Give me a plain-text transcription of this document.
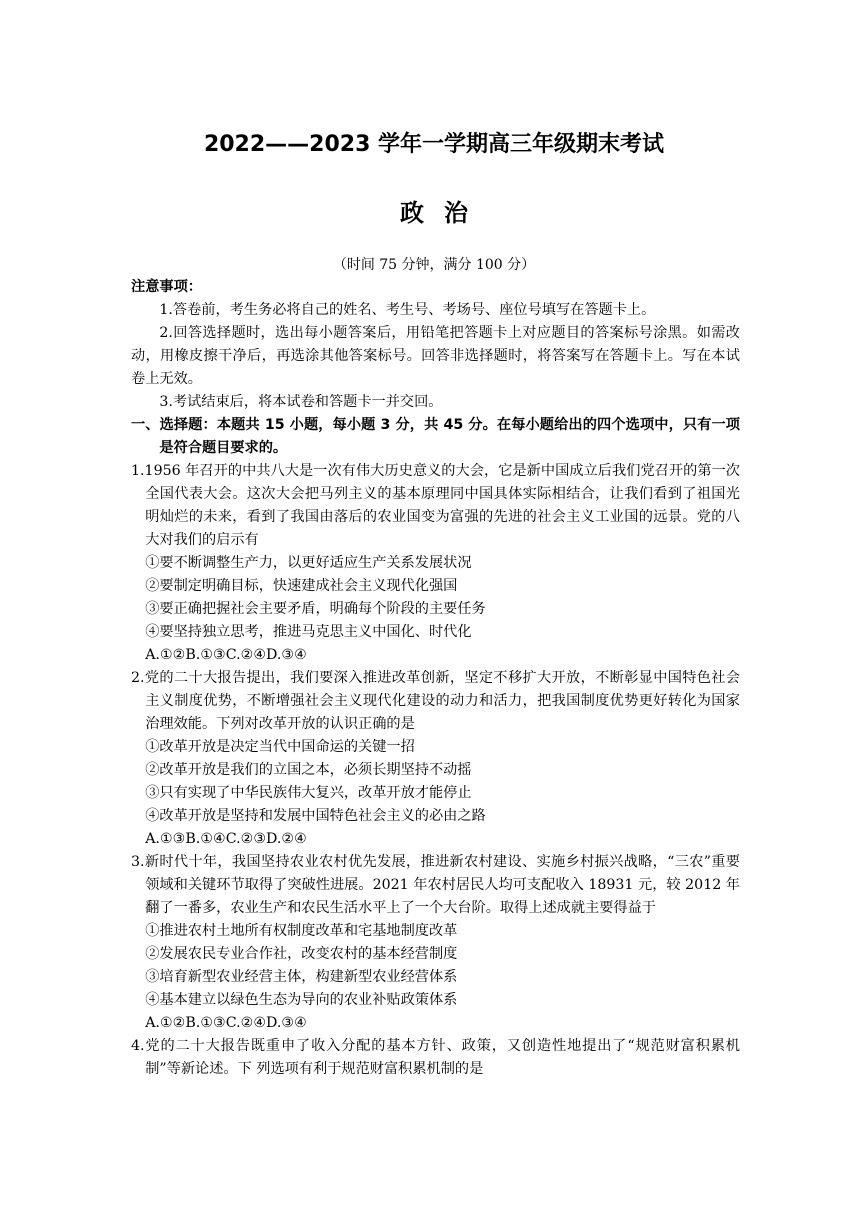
2022——2023 学年一学期高三年级期末考试
政治
（时间 75 分钟，满分 100 分）

注意事项：

1.答卷前，考生务必将自己的姓名、考生号、考场号、座位号填写在答题卡上。

2.回答选择题时，选出每小题答案后，用铅笔把答题卡上对应题目的答案标号涂黑。如需改动，用橡皮擦干净后，再选涂其他答案标号。回答非选择题时，将答案写在答题卡上。写在本试卷上无效。

3.考试结束后，将本试卷和答题卡一并交回。

一、选择题：本题共 15 小题，每小题 3 分，共 45 分。在每小题给出的四个选项中，只有一项是符合题目要求的。

1.1956 年召开的中共八大是一次有伟大历史意义的大会，它是新中国成立后我们党召开的第一次全国代表大会。这次大会把马列主义的基本原理同中国具体实际相结合，让我们看到了祖国光明灿烂的未来，看到了我国由落后的农业国变为富强的先进的社会主义工业国的远景。党的八大对我们的启示有

①要不断调整生产力，以更好适应生产关系发展状况

②要制定明确目标，快速建成社会主义现代化强国

③要正确把握社会主要矛盾，明确每个阶段的主要任务

④要坚持独立思考，推进马克思主义中国化、时代化

A.①②B.①③C.②④D.③④

2.党的二十大报告提出，我们要深入推进改革创新，坚定不移扩大开放，不断彰显中国特色社会主义制度优势，不断增强社会主义现代化建设的动力和活力，把我国制度优势更好转化为国家治理效能。下列对改革开放的认识正确的是

①改革开放是决定当代中国命运的关键一招

②改革开放是我们的立国之本，必须长期坚持不动摇

③只有实现了中华民族伟大复兴，改革开放才能停止

④改革开放是坚持和发展中国特色社会主义的必由之路

A.①③B.①④C.②③D.②④

3.新时代十年，我国坚持农业农村优先发展，推进新农村建设、实施乡村振兴战略，“三农”重要领域和关键环节取得了突破性进展。2021 年农村居民人均可支配收入 18931 元，较 2012 年翻了一番多，农业生产和农民生活水平上了一个大台阶。取得上述成就主要得益于

①推进农村土地所有权制度改革和宅基地制度改革

②发展农民专业合作社，改变农村的基本经营制度

③培育新型农业经营主体，构建新型农业经营体系

④基本建立以绿色生态为导向的农业补贴政策体系

A.①②B.①③C.②④D.③④

4.党的二十大报告既重申了收入分配的基本方针、政策，又创造性地提出了“规范财富积累机制”等新论述。下 列选项有利于规范财富积累机制的是
